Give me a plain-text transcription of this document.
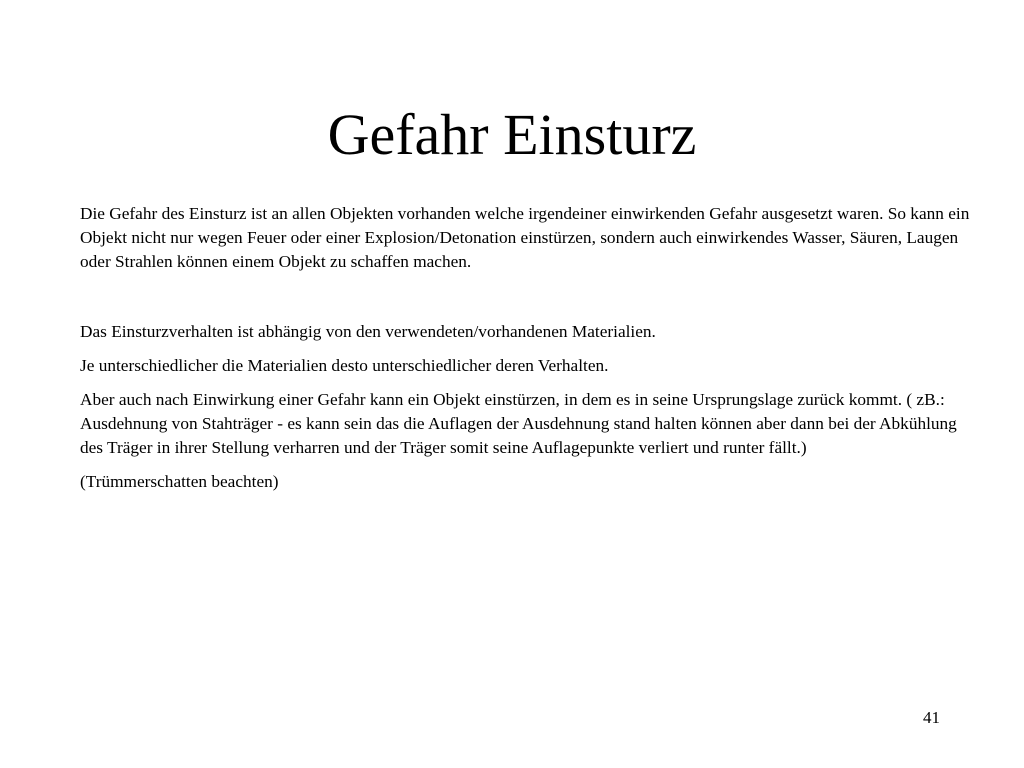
Gefahr Einsturz

Die Gefahr des Einsturz ist an allen Objekten vorhanden welche irgendeiner einwirkenden Gefahr ausgesetzt waren. So kann ein Objekt nicht nur wegen Feuer oder einer Explosion/Detonation einstürzen, sondern auch einwirkendes Wasser, Säuren, Laugen oder Strahlen können einem Objekt zu schaffen machen.

Das Einsturzverhalten ist abhängig von den verwendeten/vorhandenen Materialien.

Je unterschiedlicher die Materialien desto unterschiedlicher deren Verhalten.

Aber auch nach Einwirkung einer Gefahr kann ein Objekt einstürzen, in dem es in seine Ursprungslage zurück kommt. ( zB.: Ausdehnung von Stahträger - es kann sein das die Auflagen der Ausdehnung stand halten können aber dann bei der Abkühlung des Träger in ihrer Stellung verharren und der Träger somit seine Auflagepunkte verliert und runter fällt.)

(Trümmerschatten beachten)

41
